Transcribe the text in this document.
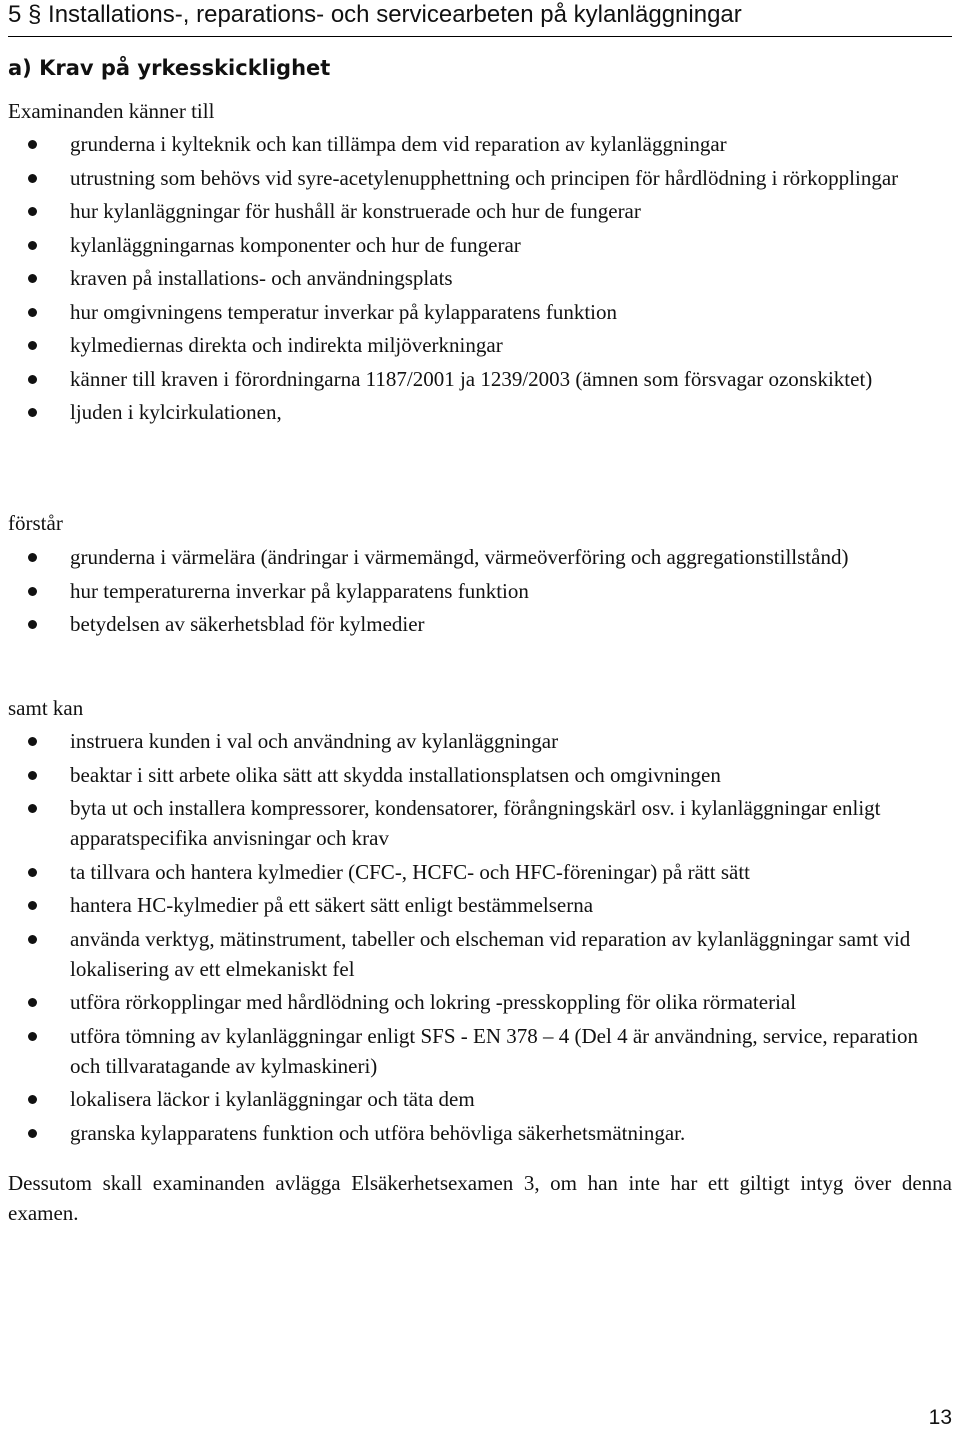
5 § Installations-, reparations- och servicearbeten på kylanläggningar
a) Krav på yrkesskicklighet
Examinanden känner till
grunderna i kylteknik och kan tillämpa dem vid reparation av kylanläggningar
utrustning som behövs vid syre-acetylenupphettning och principen för hårdlödning i rörkopplingar
hur kylanläggningar för hushåll är konstruerade och hur de fungerar
kylanläggningarnas komponenter och hur de fungerar
kraven på installations- och användningsplats
hur omgivningens temperatur inverkar på kylapparatens funktion
kylmediernas direkta och indirekta miljöverkningar
känner till kraven i förordningarna 1187/2001 ja 1239/2003 (ämnen som försvagar ozonskiktet)
ljuden i kylcirkulationen,
förstår
grunderna i värmelära (ändringar i värmemängd, värmeöverföring och aggregationstillstånd)
hur temperaturerna inverkar på kylapparatens funktion
betydelsen av säkerhetsblad för kylmedier
samt kan
instruera kunden i val och användning av kylanläggningar
beaktar i sitt arbete olika sätt att skydda installationsplatsen och omgivningen
byta ut och installera kompressorer, kondensatorer, förångningskärl osv. i kylanläggningar enligt apparatspecifika anvisningar och krav
ta tillvara och hantera kylmedier (CFC-, HCFC- och HFC-föreningar) på rätt sätt
hantera HC-kylmedier på ett säkert sätt enligt bestämmelserna
använda verktyg, mätinstrument, tabeller och elscheman vid reparation av kylanläggningar samt vid lokalisering av ett elmekaniskt fel
utföra rörkopplingar med hårdlödning och lokring -presskoppling för olika rörmaterial
utföra tömning av kylanläggningar enligt SFS - EN 378 – 4 (Del 4 är användning, service, reparation och tillvaratagande av kylmaskineri)
lokalisera läckor i kylanläggningar och täta dem
granska kylapparatens funktion och utföra behövliga säkerhetsmätningar.
Dessutom skall examinanden avlägga Elsäkerhetsexamen 3, om han inte har ett giltigt intyg över denna examen.
13
